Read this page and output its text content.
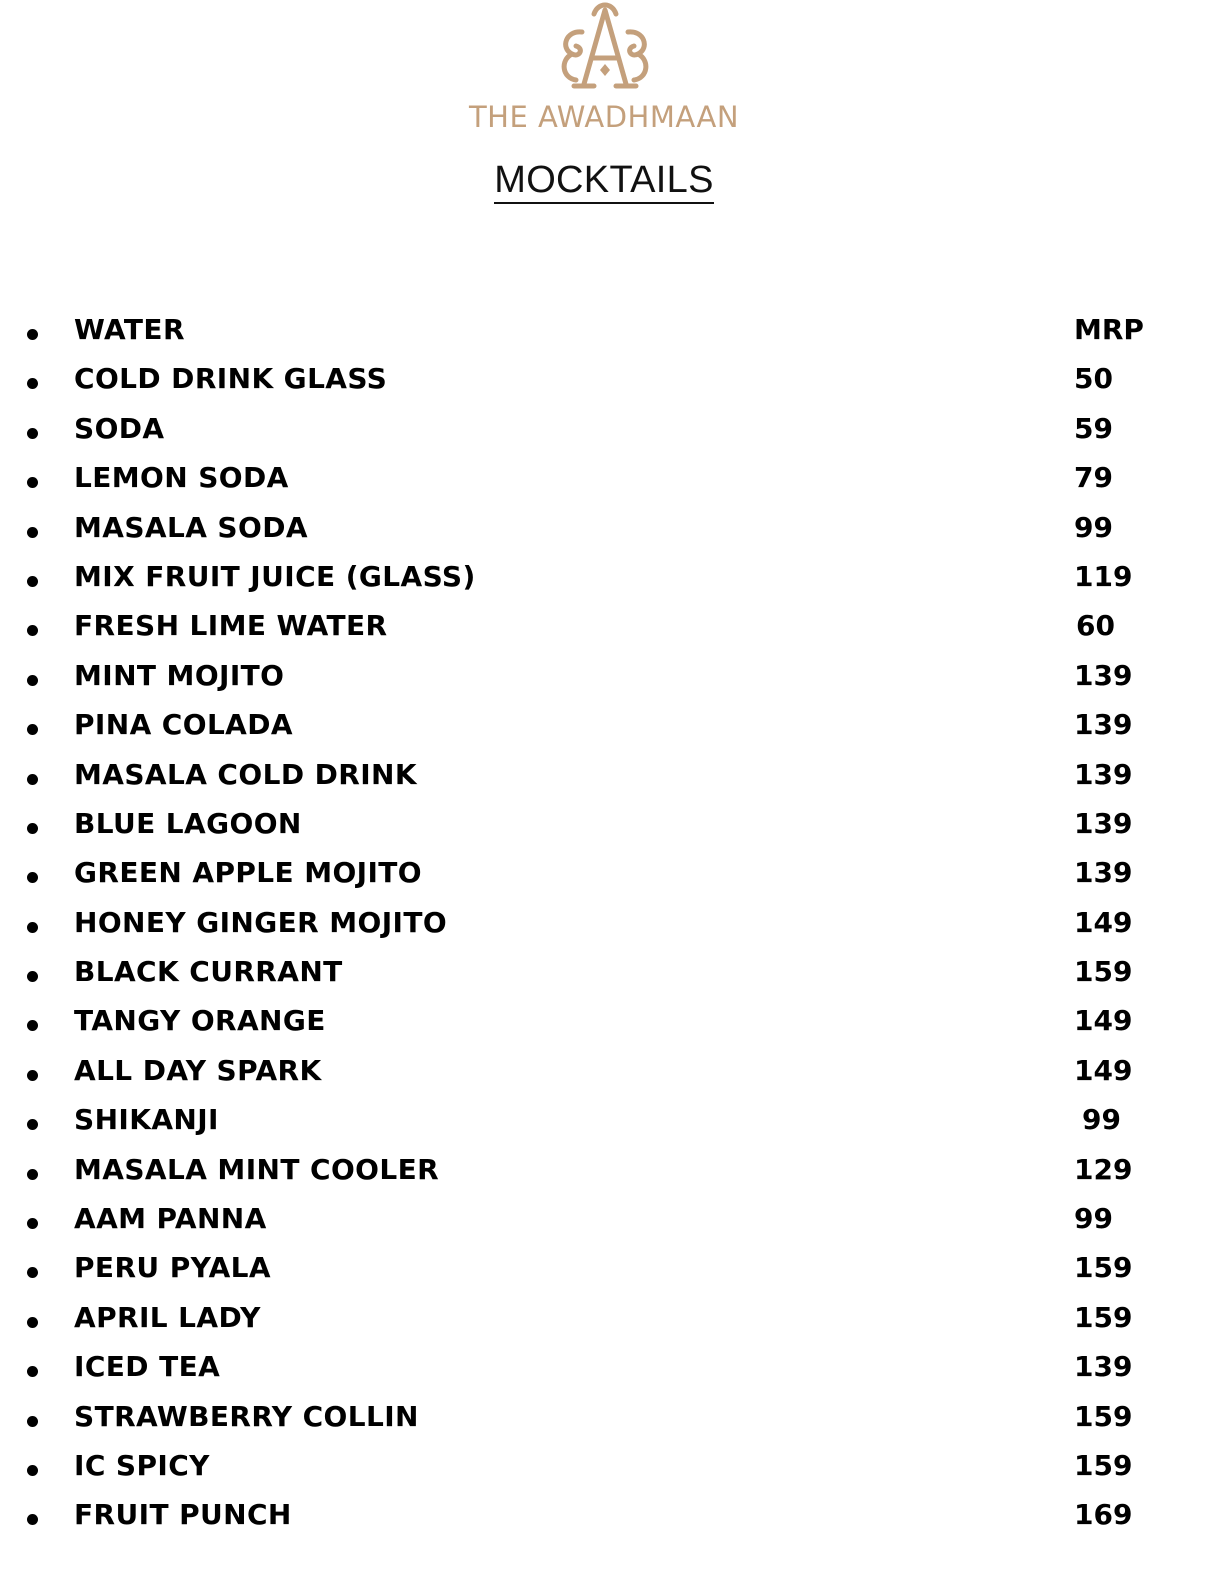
THE AWADHMAAN
MOCKTAILS
WATER	MRP
COLD DRINK GLASS	50
SODA	59
LEMON SODA	79
MASALA SODA	99
MIX FRUIT JUICE (GLASS)	119
FRESH LIME WATER	60
MINT MOJITO	139
PINA COLADA	139
MASALA COLD DRINK	139
BLUE LAGOON	139
GREEN APPLE MOJITO	139
HONEY GINGER MOJITO	149
BLACK CURRANT	159
TANGY ORANGE	149
ALL DAY SPARK	149
SHIKANJI	99
MASALA MINT COOLER	129
AAM PANNA	99
PERU PYALA	159
APRIL LADY	159
ICED TEA	139
STRAWBERRY COLLIN	159
IC SPICY	159
FRUIT PUNCH	169
